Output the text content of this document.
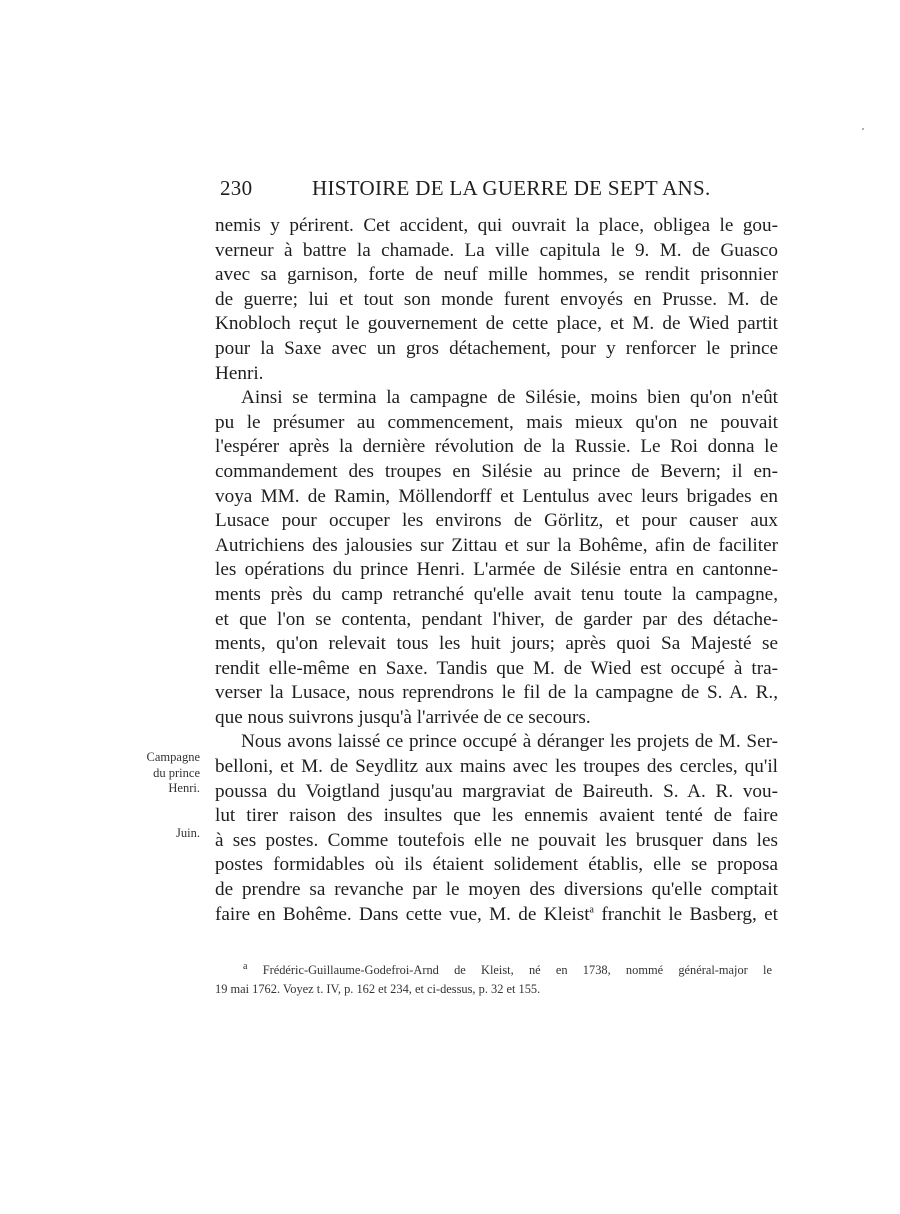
230	HISTOIRE DE LA GUERRE DE SEPT ANS.
Campagne
du prince
Henri.
Juin.
nemis y périrent. Cet accident, qui ouvrait la place, obligea le gou-
verneur à battre la chamade. La ville capitula le 9. M. de Guasco
avec sa garnison, forte de neuf mille hommes, se rendit prisonnier
de guerre; lui et tout son monde furent envoyés en Prusse. M. de
Knobloch reçut le gouvernement de cette place, et M. de Wied partit
pour la Saxe avec un gros détachement, pour y renforcer le prince
Henri.
Ainsi se termina la campagne de Silésie, moins bien qu'on n'eût
pu le présumer au commencement, mais mieux qu'on ne pouvait
l'espérer après la dernière révolution de la Russie. Le Roi donna le
commandement des troupes en Silésie au prince de Bevern; il en-
voya MM. de Ramin, Möllendorff et Lentulus avec leurs brigades en
Lusace pour occuper les environs de Görlitz, et pour causer aux
Autrichiens des jalousies sur Zittau et sur la Bohême, afin de faciliter
les opérations du prince Henri. L'armée de Silésie entra en cantonne-
ments près du camp retranché qu'elle avait tenu toute la campagne,
et que l'on se contenta, pendant l'hiver, de garder par des détache-
ments, qu'on relevait tous les huit jours; après quoi Sa Majesté se
rendit elle-même en Saxe. Tandis que M. de Wied est occupé à tra-
verser la Lusace, nous reprendrons le fil de la campagne de S. A. R.,
que nous suivrons jusqu'à l'arrivée de ce secours.
Nous avons laissé ce prince occupé à déranger les projets de M. Ser-
belloni, et M. de Seydlitz aux mains avec les troupes des cercles, qu'il
poussa du Voigtland jusqu'au margraviat de Baireuth. S. A. R. vou-
lut tirer raison des insultes que les ennemis avaient tenté de faire
à ses postes. Comme toutefois elle ne pouvait les brusquer dans les
postes formidables où ils étaient solidement établis, elle se proposa
de prendre sa revanche par le moyen des diversions qu'elle comptait
faire en Bohême. Dans cette vue, M. de Kleist$^a$ franchit le Basberg, et
$^a$ Frédéric-Guillaume-Godefroi-Arnd de Kleist, né en 1738, nommé général-major le
19 mai 1762. Voyez t. IV, p. 162 et 234, et ci-dessus, p. 32 et 155.
